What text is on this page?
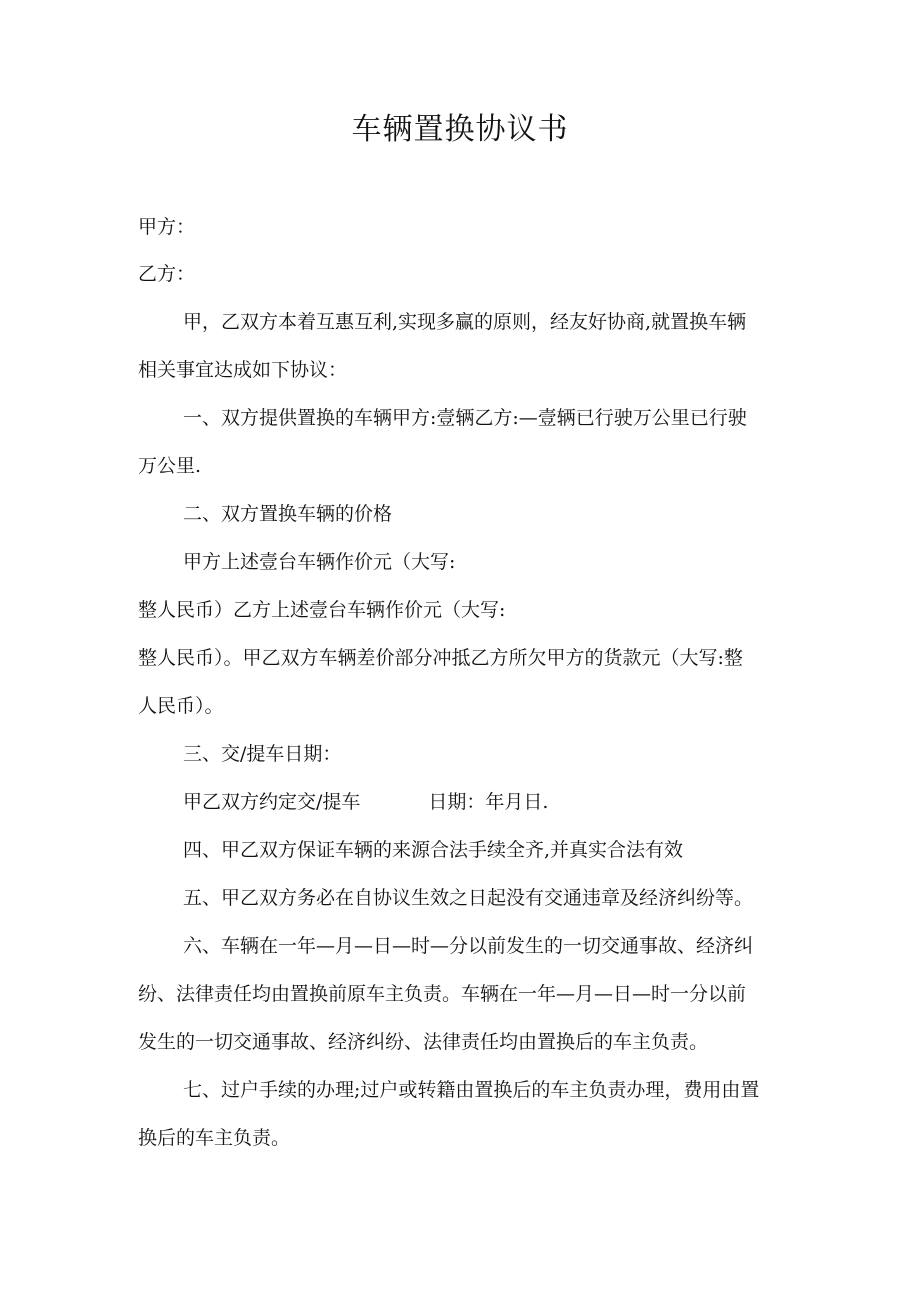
车辆置换协议书
甲方：
乙方：
甲，乙双方本着互惠互利,实现多赢的原则，经友好协商,就置换车辆
相关事宜达成如下协议：
一、双方提供置换的车辆甲方:壹辆乙方:—壹辆已行驶万公里已行驶
万公里.
二、双方置换车辆的价格
甲方上述壹台车辆作价元（大写:
整人民币）乙方上述壹台车辆作价元（大写:
整人民币）。甲乙双方车辆差价部分冲抵乙方所欠甲方的货款元（大写:整
人民币）。
三、交/提车日期：
甲乙双方约定交/提车	日期：年月日.
四、甲乙双方保证车辆的来源合法手续全齐,并真实合法有效
五、甲乙双方务必在自协议生效之日起没有交通违章及经济纠纷等。
六、车辆在一年—月—日—时—分以前发生的一切交通事故、经济纠
纷、法律责任均由置换前原车主负责。车辆在一年—月—日—时一分以前
发生的一切交通事故、经济纠纷、法律责任均由置换后的车主负责。
七、过户手续的办理;过户或转籍由置换后的车主负责办理，费用由置
换后的车主负责。
